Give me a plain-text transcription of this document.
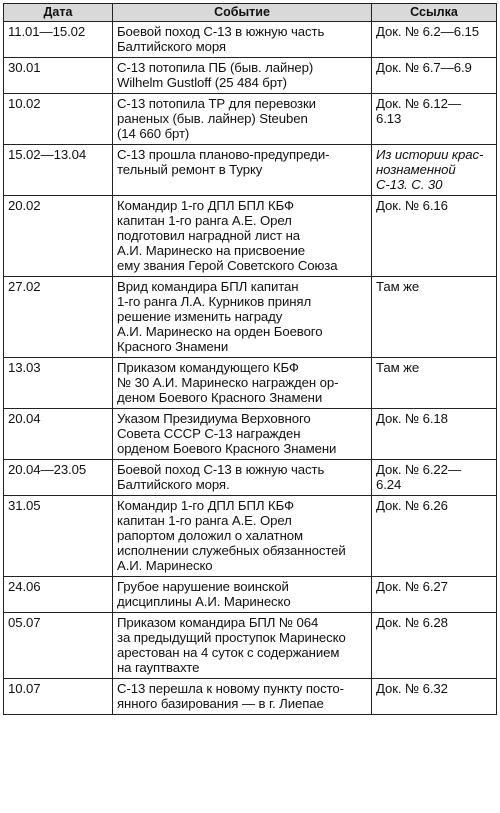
Дата	Событие	Ссылка
11.01—15.02	Боевой поход С-13 в южную часть
Балтийского моря	Док. № 6.2—6.15
30.01	С-13 потопила ПБ (быв. лайнер)
Wilhelm Gustloff (25 484 брт)	Док. № 6.7—6.9
10.02	С-13 потопила ТР для перевозки
раненых (быв. лайнер) Steuben
(14 660 брт)	Док. № 6.12—
6.13
15.02—13.04	С-13 прошла планово-предупреди-
тельный ремонт в Турку	Из истории крас-
нознаменной
С-13. С. 30
20.02	Командир 1-го ДПЛ БПЛ КБФ
капитан 1-го ранга А.Е. Орел
подготовил наградной лист на
А.И. Маринеско на присвоение
ему звания Герой Советского Союза	Док. № 6.16
27.02	Врид командира БПЛ капитан
1-го ранга Л.А. Курников принял
решение изменить награду
А.И. Маринеско на орден Боевого
Красного Знамени	Там же
13.03	Приказом командующего КБФ
№ 30 А.И. Маринеско награжден ор-
деном Боевого Красного Знамени	Там же
20.04	Указом Президиума Верховного
Совета СССР С-13 награжден
орденом Боевого Красного Знамени	Док. № 6.18
20.04—23.05	Боевой поход С-13 в южную часть
Балтийского моря.	Док. № 6.22—
6.24
31.05	Командир 1-го ДПЛ БПЛ КБФ
капитан 1-го ранга А.Е. Орел
рапортом доложил о халатном
исполнении служебных обязанностей
А.И. Маринеско	Док. № 6.26
24.06	Грубое нарушение воинской
дисциплины А.И. Маринеско	Док. № 6.27
05.07	Приказом командира БПЛ № 064
за предыдущий проступок Маринеско
арестован на 4 суток с содержанием
на гауптвахте	Док. № 6.28
10.07	С-13 перешла к новому пункту посто-
янного базирования — в г. Лиепае	Док. № 6.32
